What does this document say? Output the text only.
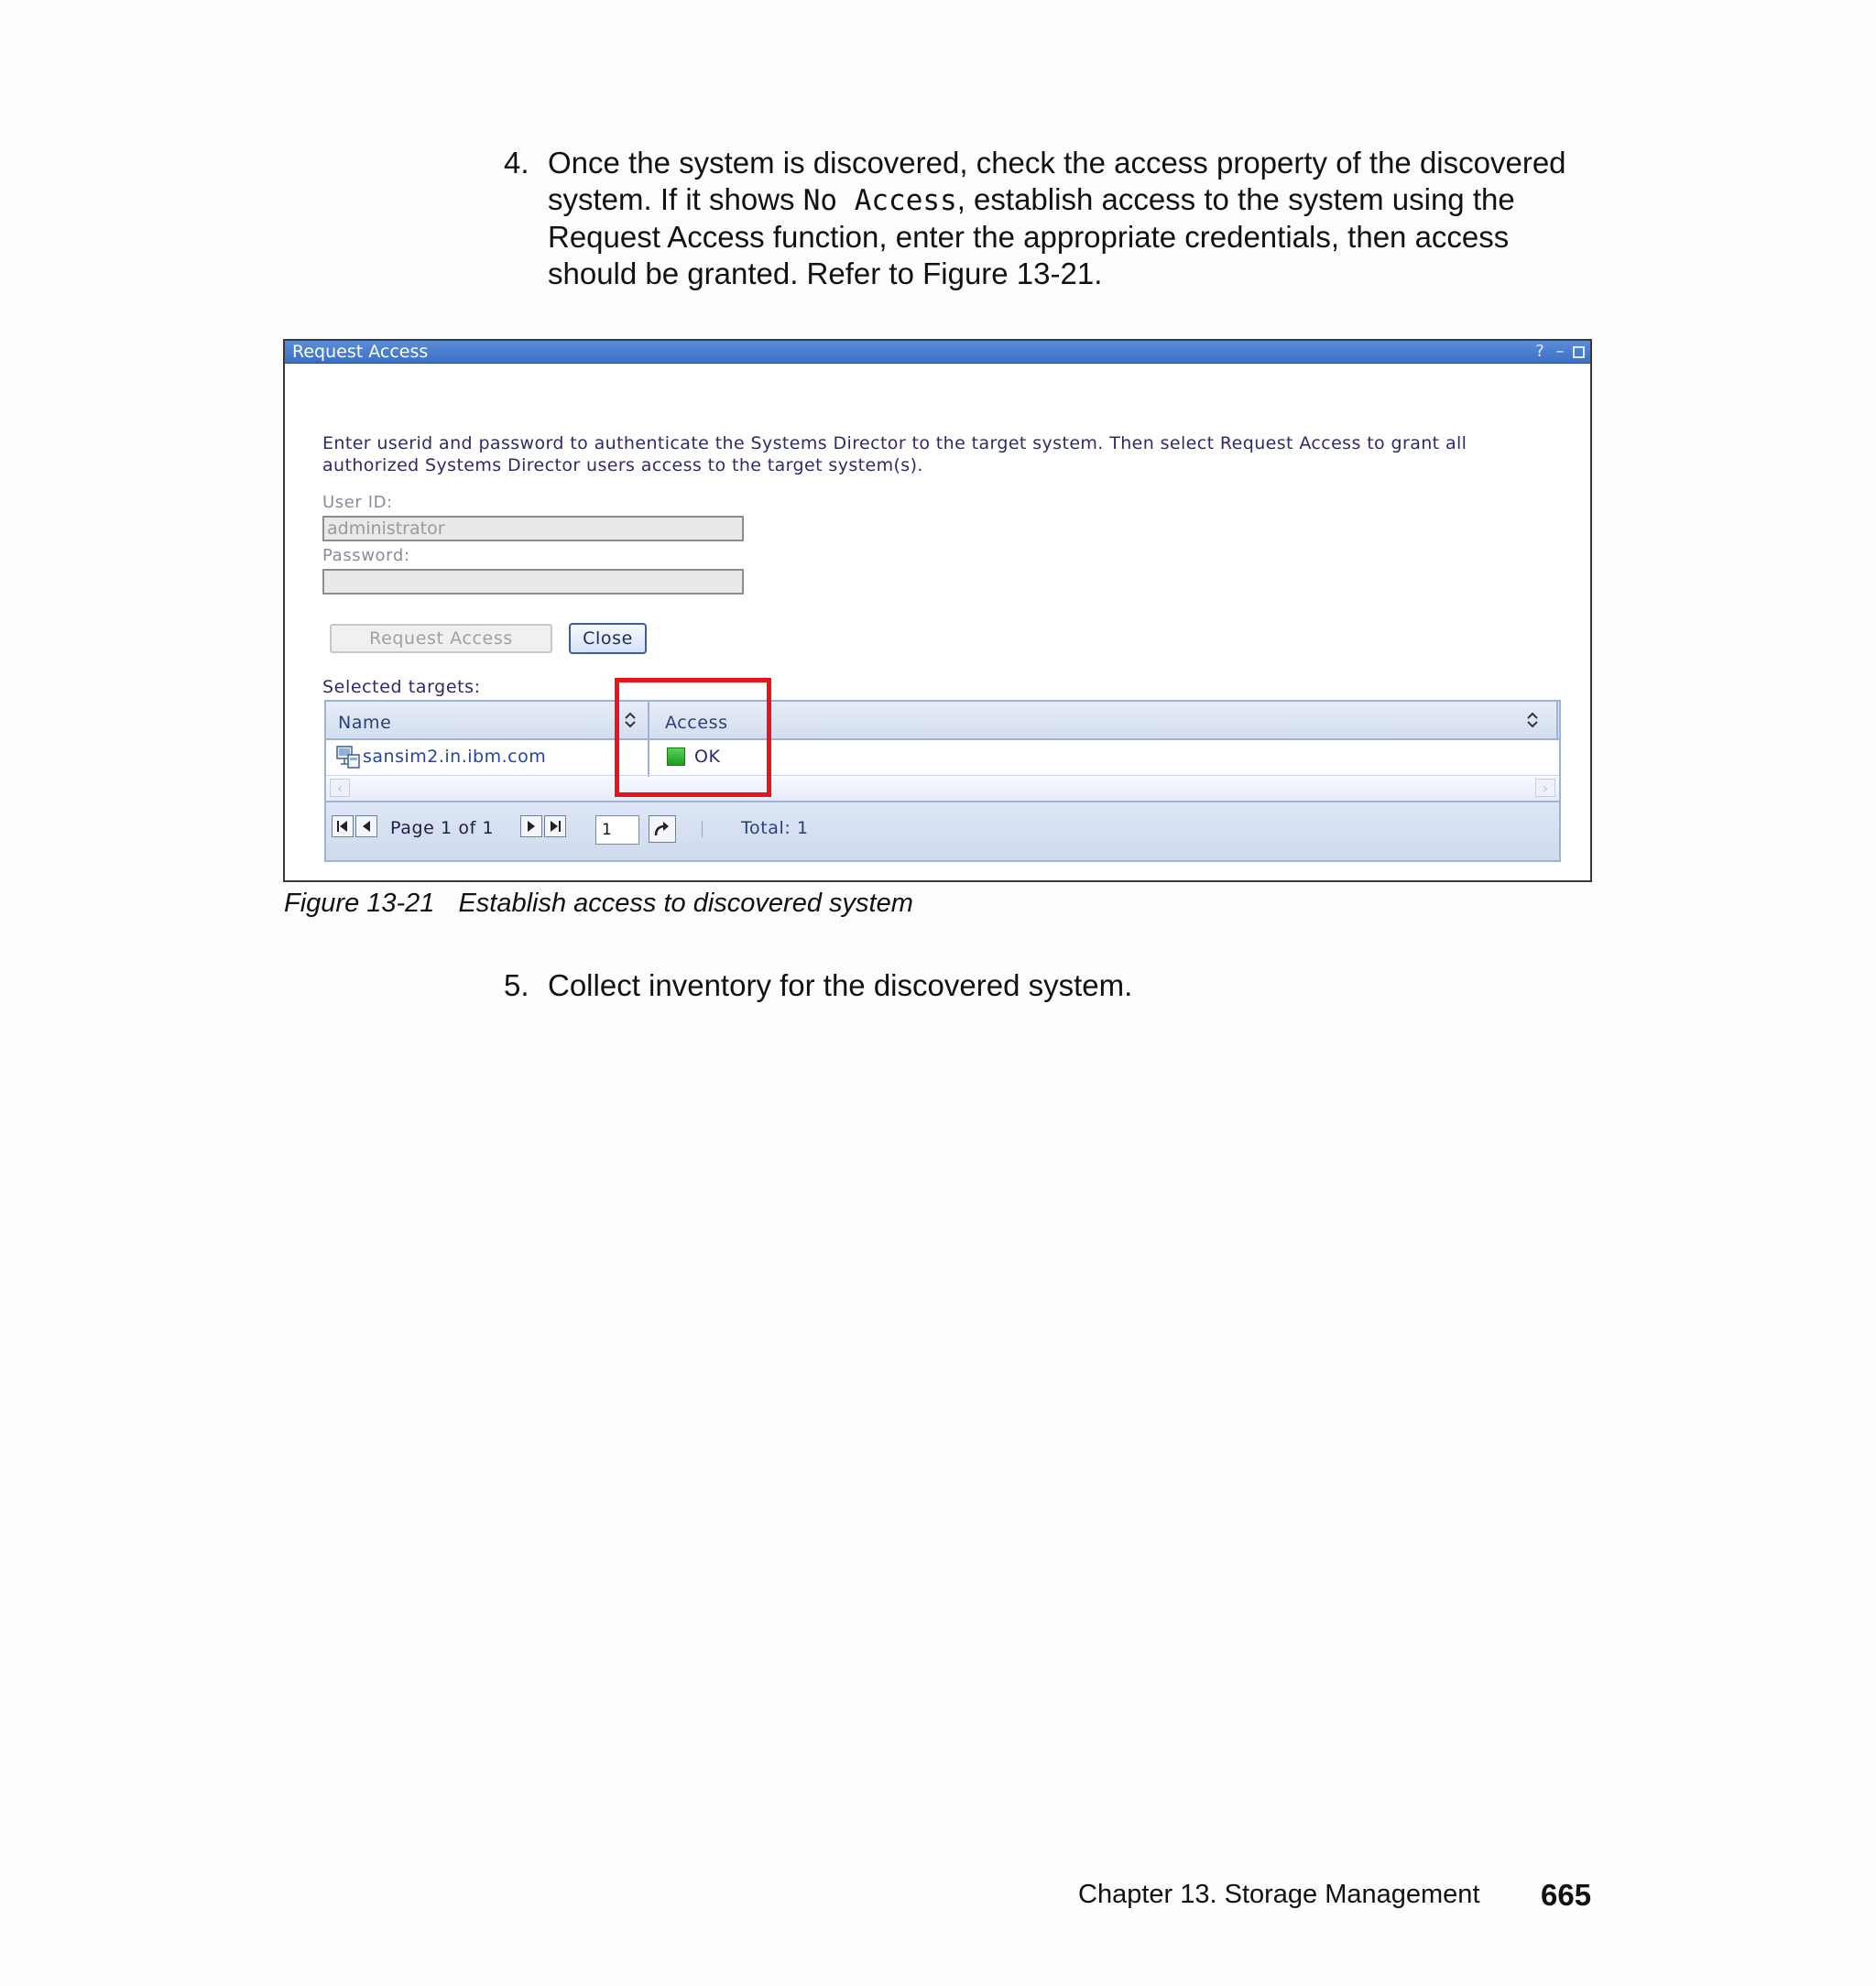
4. Once the system is discovered, check the access property of the discovered system. If it shows No Access, establish access to the system using the Request Access function, enter the appropriate credentials, then access should be granted. Refer to Figure 13-21.
Request Access	? –
Enter userid and password to authenticate the Systems Director to the target system. Then select Request Access to grant all authorized Systems Director users access to the target system(s).
User ID:
administrator
Password:
Request Access	Close
Selected targets:
Name	Access
sansim2.in.ibm.com	OK
‹	›
Page 1 of 1	1	Total: 1
Figure 13-21 Establish access to discovered system
5. Collect inventory for the discovered system.
Chapter 13. Storage Management 665
